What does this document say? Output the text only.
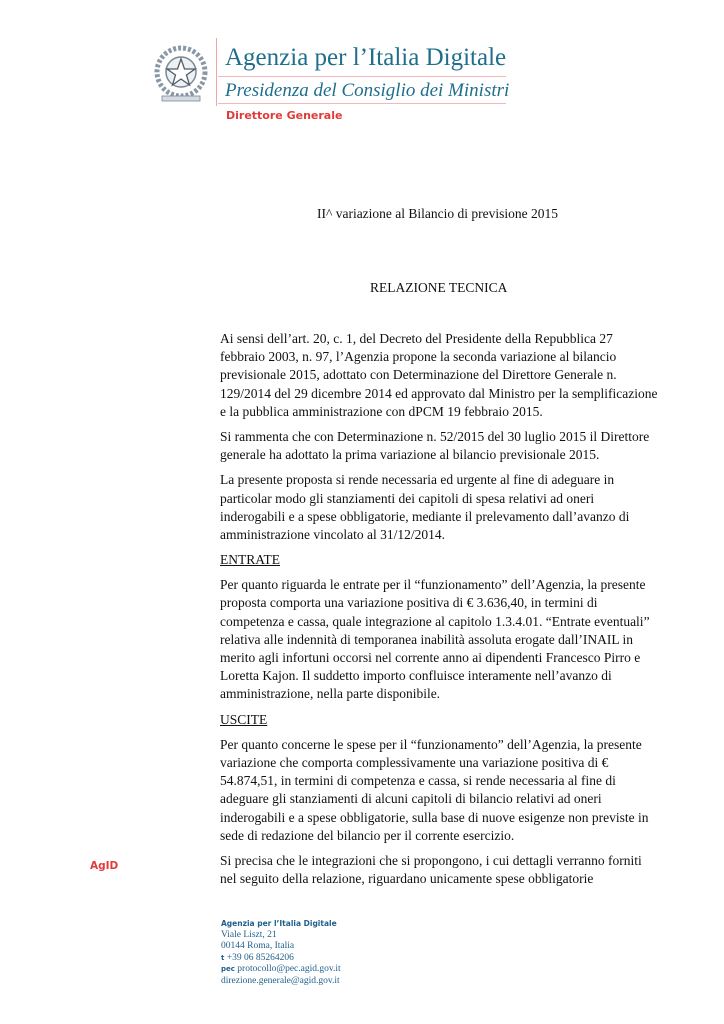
Agenzia per l’Italia Digitale
Presidenza del Consiglio dei Ministri
Direttore Generale
II^ variazione al Bilancio di previsione 2015
RELAZIONE TECNICA
Ai sensi dell’art. 20, c. 1, del Decreto del Presidente della Repubblica 27
febbraio 2003, n. 97, l’Agenzia propone la seconda variazione al bilancio
previsionale 2015, adottato con Determinazione del Direttore Generale n.
129/2014 del 29 dicembre 2014 ed approvato dal Ministro per la semplificazione
e la pubblica amministrazione con dPCM 19 febbraio 2015.
Si rammenta che con Determinazione n. 52/2015 del 30 luglio 2015 il Direttore
generale ha adottato la prima variazione al bilancio previsionale 2015.
La presente proposta si rende necessaria ed urgente al fine di adeguare in
particolar modo gli stanziamenti dei capitoli di spesa relativi ad oneri
inderogabili e a spese obbligatorie, mediante il prelevamento dall’avanzo di
amministrazione vincolato al 31/12/2014.
ENTRATE
Per quanto riguarda le entrate per il “funzionamento” dell’Agenzia, la presente
proposta comporta una variazione positiva di € 3.636,40, in termini di
competenza e cassa, quale integrazione al capitolo 1.3.4.01. “Entrate eventuali”
relativa alle indennità di temporanea inabilità assoluta erogate dall’INAIL in
merito agli infortuni occorsi nel corrente anno ai dipendenti Francesco Pirro e
Loretta Kajon. Il suddetto importo confluisce interamente nell’avanzo di
amministrazione, nella parte disponibile.
USCITE
Per quanto concerne le spese per il “funzionamento” dell’Agenzia, la presente
variazione che comporta complessivamente una variazione positiva di €
54.874,51, in termini di competenza e cassa, si rende necessaria al fine di
adeguare gli stanziamenti di alcuni capitoli di bilancio relativi ad oneri
inderogabili e a spese obbligatorie, sulla base di nuove esigenze non previste in
sede di redazione del bilancio per il corrente esercizio.
Si precisa che le integrazioni che si propongono, i cui dettagli verranno forniti
nel seguito della relazione, riguardano unicamente spese obbligatorie
AgID
Agenzia per l’Italia Digitale
Viale Liszt, 21
00144 Roma, Italia
t +39 06 85264206
pec protocollo@pec.agid.gov.it
direzione.generale@agid.gov.it
